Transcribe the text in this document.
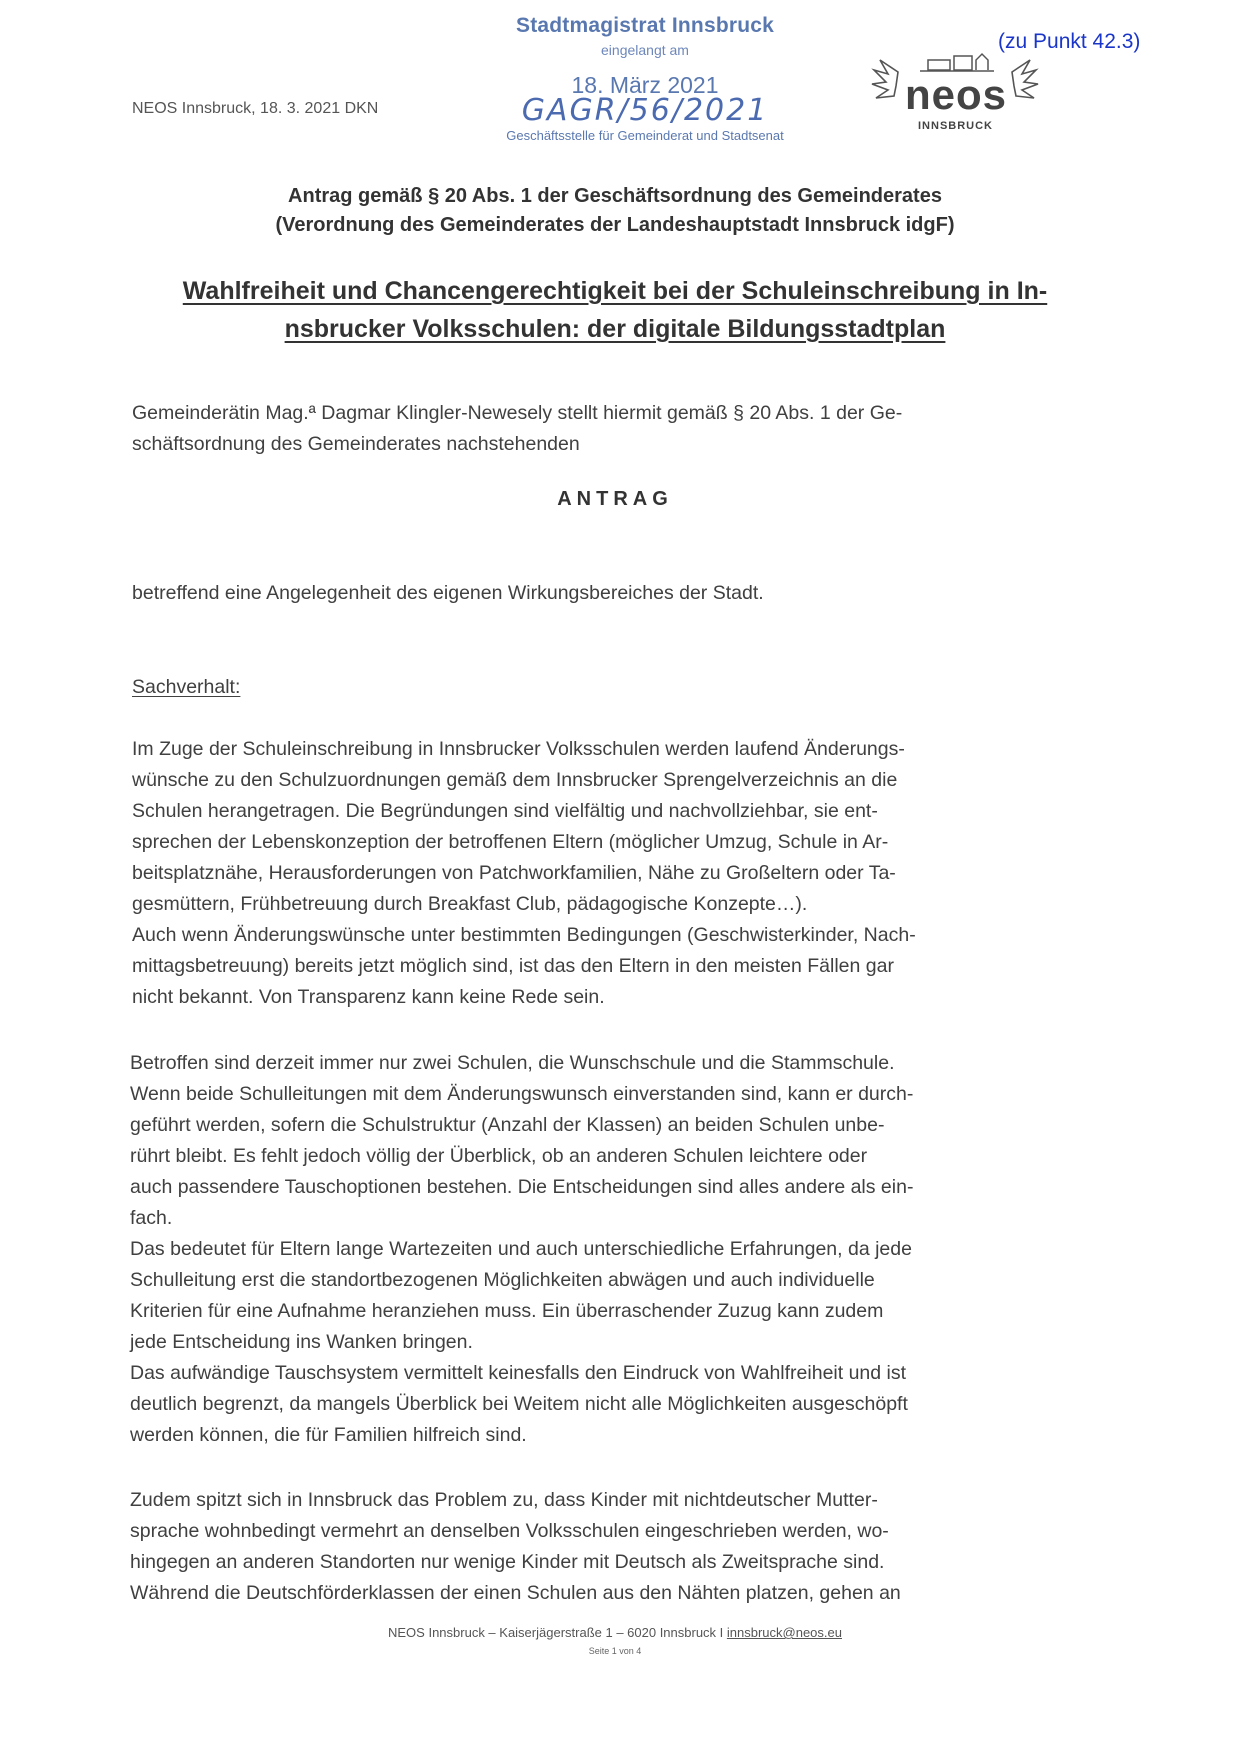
NEOS Innsbruck, 18. 3. 2021 DKN
Stadtmagistrat Innsbruck
eingelangt am
18. März 2021
GAGR/56/2021
Geschäftsstelle für Gemeinderat und Stadtsenat
(zu Punkt 42.3)
neos
INNSBRUCK
Antrag gemäß § 20 Abs. 1 der Geschäftsordnung des Gemeinderates
(Verordnung des Gemeinderates der Landeshauptstadt Innsbruck idgF)
Wahlfreiheit und Chancengerechtigkeit bei der Schuleinschreibung in In-
nsbrucker Volksschulen: der digitale Bildungsstadtplan
Gemeinderätin Mag.ª Dagmar Klingler-Newesely stellt hiermit gemäß § 20 Abs. 1 der Ge-
schäftsordnung des Gemeinderates nachstehenden
ANTRAG
betreffend eine Angelegenheit des eigenen Wirkungsbereiches der Stadt.
Sachverhalt:
Im Zuge der Schuleinschreibung in Innsbrucker Volksschulen werden laufend Änderungs-
wünsche zu den Schulzuordnungen gemäß dem Innsbrucker Sprengelverzeichnis an die
Schulen herangetragen. Die Begründungen sind vielfältig und nachvollziehbar, sie ent-
sprechen der Lebenskonzeption der betroffenen Eltern (möglicher Umzug, Schule in Ar-
beitsplatznähe, Herausforderungen von Patchworkfamilien, Nähe zu Großeltern oder Ta-
gesmüttern, Frühbetreuung durch Breakfast Club, pädagogische Konzepte…).
Auch wenn Änderungswünsche unter bestimmten Bedingungen (Geschwisterkinder, Nach-
mittagsbetreuung) bereits jetzt möglich sind, ist das den Eltern in den meisten Fällen gar
nicht bekannt. Von Transparenz kann keine Rede sein.
Betroffen sind derzeit immer nur zwei Schulen, die Wunschschule und die Stammschule.
Wenn beide Schulleitungen mit dem Änderungswunsch einverstanden sind, kann er durch-
geführt werden, sofern die Schulstruktur (Anzahl der Klassen) an beiden Schulen unbe-
rührt bleibt. Es fehlt jedoch völlig der Überblick, ob an anderen Schulen leichtere oder
auch passendere Tauschoptionen bestehen. Die Entscheidungen sind alles andere als ein-
fach.
Das bedeutet für Eltern lange Wartezeiten und auch unterschiedliche Erfahrungen, da jede
Schulleitung erst die standortbezogenen Möglichkeiten abwägen und auch individuelle
Kriterien für eine Aufnahme heranziehen muss. Ein überraschender Zuzug kann zudem
jede Entscheidung ins Wanken bringen.
Das aufwändige Tauschsystem vermittelt keinesfalls den Eindruck von Wahlfreiheit und ist
deutlich begrenzt, da mangels Überblick bei Weitem nicht alle Möglichkeiten ausgeschöpft
werden können, die für Familien hilfreich sind.
Zudem spitzt sich in Innsbruck das Problem zu, dass Kinder mit nichtdeutscher Mutter-
sprache wohnbedingt vermehrt an denselben Volksschulen eingeschrieben werden, wo-
hingegen an anderen Standorten nur wenige Kinder mit Deutsch als Zweitsprache sind.
Während die Deutschförderklassen der einen Schulen aus den Nähten platzen, gehen an
NEOS Innsbruck – Kaiserjägerstraße 1 – 6020 Innsbruck I innsbruck@neos.eu
Seite 1 von 4
